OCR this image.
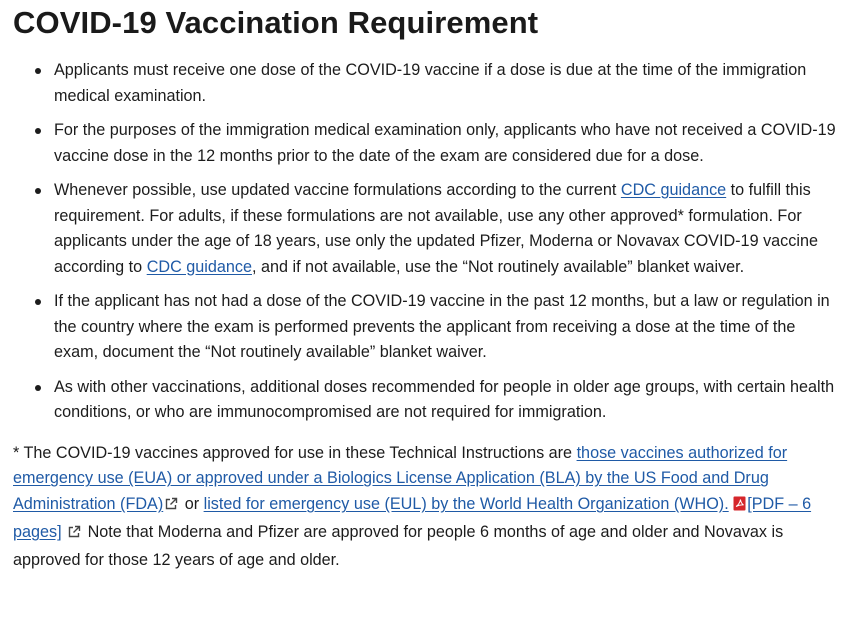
COVID-19 Vaccination Requirement
Applicants must receive one dose of the COVID-19 vaccine if a dose is due at the time of the immigration medical examination.
For the purposes of the immigration medical examination only, applicants who have not received a COVID-19 vaccine dose in the 12 months prior to the date of the exam are considered due for a dose.
Whenever possible, use updated vaccine formulations according to the current CDC guidance to fulfill this requirement. For adults, if these formulations are not available, use any other approved* formulation. For applicants under the age of 18 years, use only the updated Pfizer, Moderna or Novavax COVID-19 vaccine according to CDC guidance, and if not available, use the “Not routinely available” blanket waiver.
If the applicant has not had a dose of the COVID-19 vaccine in the past 12 months, but a law or regulation in the country where the exam is performed prevents the applicant from receiving a dose at the time of the exam, document the “Not routinely available” blanket waiver.
As with other vaccinations, additional doses recommended for people in older age groups, with certain health conditions, or who are immunocompromised are not required for immigration.
* The COVID-19 vaccines approved for use in these Technical Instructions are those vaccines authorized for emergency use (EUA) or approved under a Biologics License Application (BLA) by the US Food and Drug Administration (FDA) or listed for emergency use (EUL) by the World Health Organization (WHO). [PDF – 6 pages]  Note that Moderna and Pfizer are approved for people 6 months of age and older and Novavax is approved for those 12 years of age and older.
